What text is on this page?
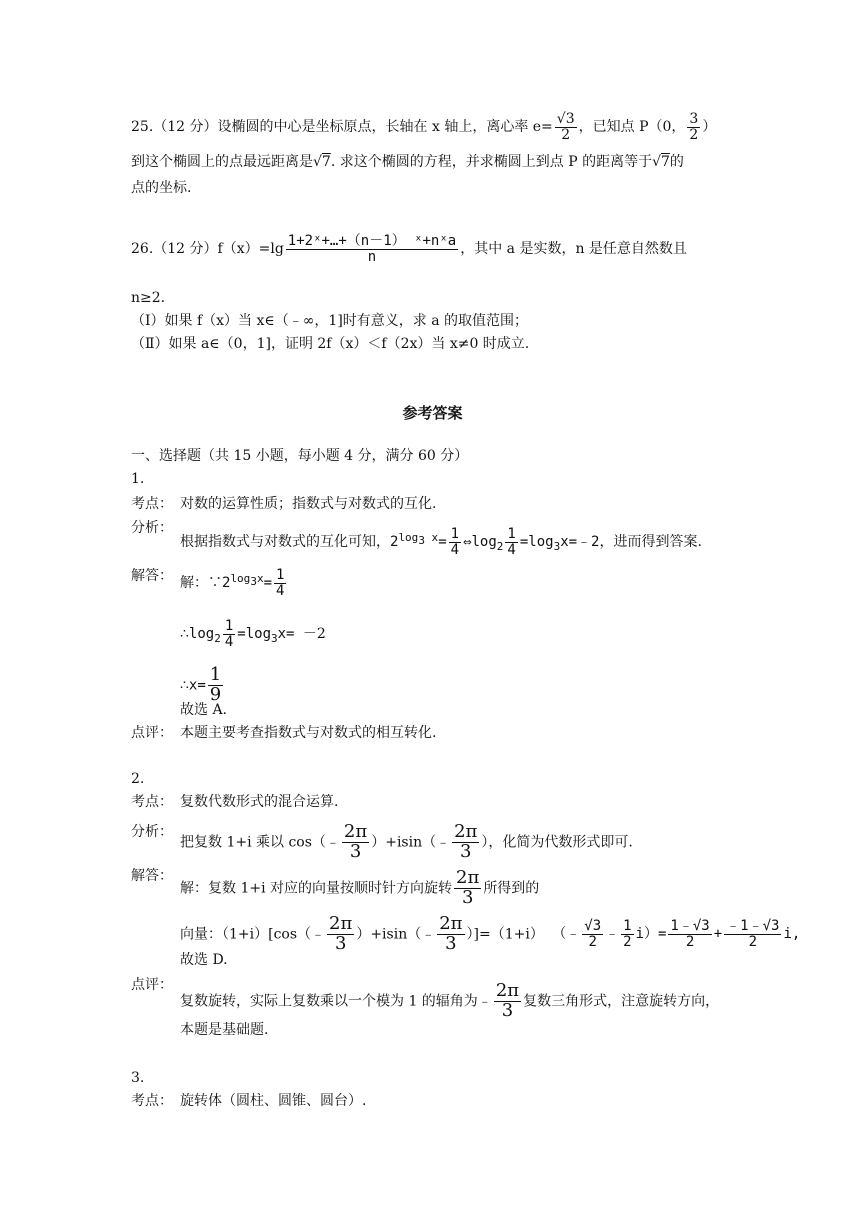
25.（12 分）设椭圆的中心是坐标原点，长轴在 x 轴上，离心率 $e= \frac{√3}{2}$ ，已知点 P（0， $\frac{3}{2}$ ）
到这个椭圆上的点最远距离是√7. 求这个椭圆的方程，并求椭圆上到点 P 的距离等于√7的
点的坐标.
26.（12 分）$f(x)=\lg \frac{\text{1+2ˣ+…+（n－1） ˣ+nˣa}}{n}$ ，其中 a 是实数，n 是任意自然数且
n≥2.
（Ⅰ）如果 f（x）当 x∈（﹣∞，1]时有意义，求 a 的取值范围；
（Ⅱ）如果 a∈（0，1]，证明 2f（x）＜f（2x）当 x≠0 时成立.
参考答案
一、选择题（共 15 小题，每小题 4 分，满分 60 分）
1.
考点： 对数的运算性质；指数式与对数式的互化.
分析：
根据指数式与对数式的互化可知，$2^{log_3 x}= \frac{1}{4}$ $\Leftrightarrow\log_2 \frac{1}{4}$ $=\log_3x=﹣2$，进而得到答案.
解答： 解：$\because 2^{log_3x}= \frac{1}{4}$
$\therefore\log_2 \frac{1}{4} =\log_3x= -2$
∴x= $\frac{1}{9}$
故选 A.
点评： 本题主要考查指数式与对数式的相互转化.
2.
考点： 复数代数形式的混合运算.
分析：
把复数 1+i 乘以 cos（﹣ $\frac{2\pi}{3}$ ）+isin（﹣ $\frac{2\pi}{3}$ ），化简为代数形式即可.
解答：
解：复数 1+i 对应的向量按顺时针方向旋转 $\frac{2\pi}{3}$ 所得到的
向量：（1+i）[cos（﹣ $\frac{2\pi}{3}$ ）+isin（﹣ $\frac{2\pi}{3} )]=(1+i)$ （﹣ $\frac{√3}{2}$ ﹣ $\frac{1}{2} i)= \frac{1﹣√3}{2} + \frac{﹣1﹣√3}{2} i$,
故选 D.
点评：
复数旋转，实际上复数乘以一个模为 1 的辐角为﹣ $\frac{2\pi}{3}$ 复数三角形式，注意旋转方向，
本题是基础题.
3.
考点： 旋转体（圆柱、圆锥、圆台）.
